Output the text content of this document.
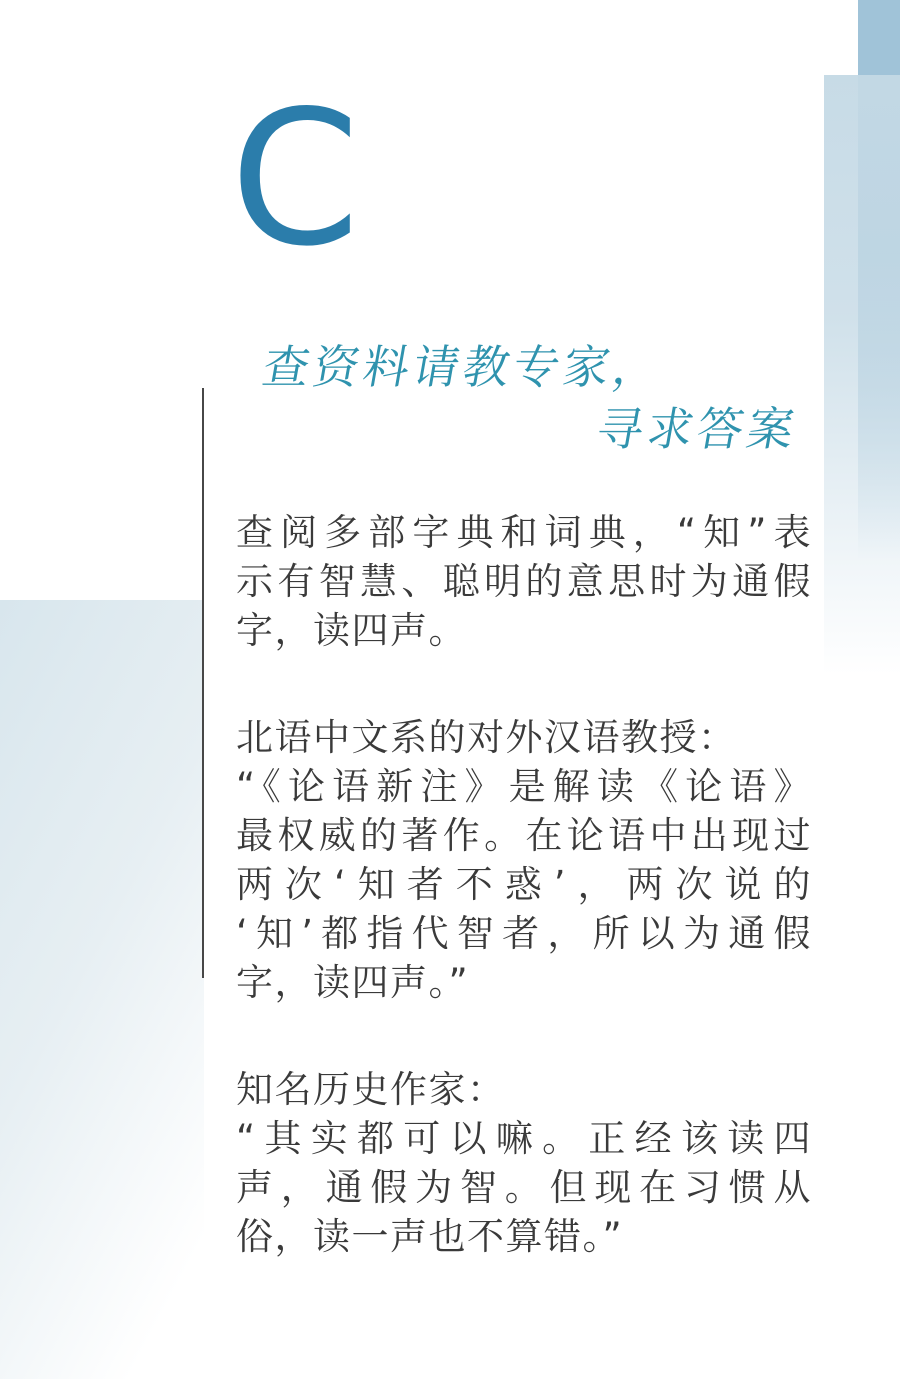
C
查资料请教专家，
寻求答案
查阅多部字典和词典，“知”表
示有智慧、聪明的意思时为通假
字，读四声。
北语中文系的对外汉语教授：
“《论语新注》是解读《论语》
最权威的著作。在论语中出现过
两次‘知者不惑’，两次说的
‘知’都指代智者，所以为通假
字，读四声。”
知名历史作家：
“其实都可以嘛。正经该读四
声，通假为智。但现在习惯从
俗，读一声也不算错。”
